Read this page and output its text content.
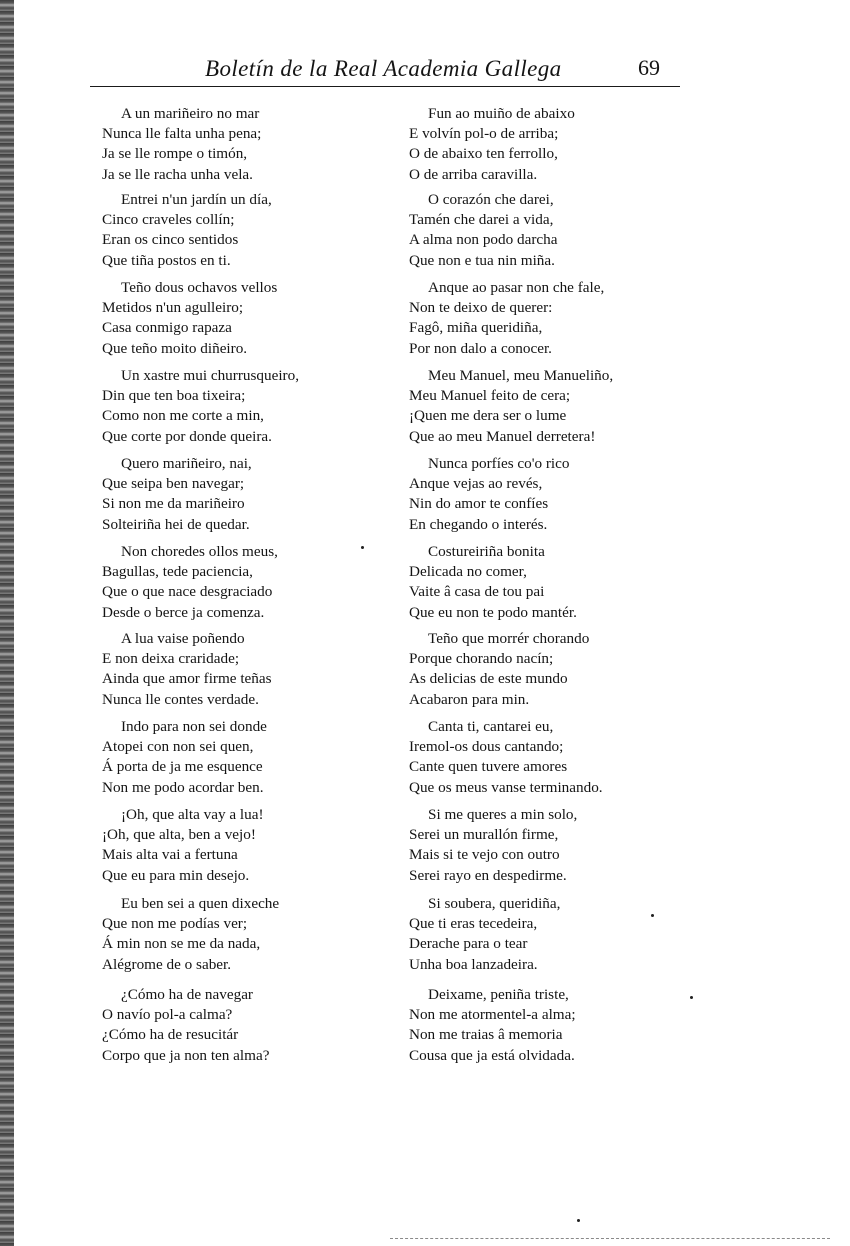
Boletín de la Real Academia Gallega	69
A un mariñeiro no mar
Nunca lle falta unha pena;
Ja se lle rompe o timón,
Ja se lle racha unha vela.
Entrei n'un jardín un día,
Cinco craveles collín;
Eran os cinco sentidos
Que tiña postos en ti.
Teño dous ochavos vellos
Metidos n'un agulleiro;
Casa conmigo rapaza
Que teño moito diñeiro.
Un xastre mui churrusqueiro,
Din que ten boa tixeira;
Como non me corte a min,
Que corte por donde queira.
Quero mariñeiro, nai,
Que seipa ben navegar;
Si non me da mariñeiro
Solteiriña hei de quedar.
Non choredes ollos meus,
Bagullas, tede paciencia,
Que o que nace desgraciado
Desde o berce ja comenza.
A lua vaise poñendo
E non deixa craridade;
Ainda que amor firme teñas
Nunca lle contes verdade.
Indo para non sei donde
Atopei con non sei quen,
Á porta de ja me esquence
Non me podo acordar ben.
¡Oh, que alta vay a lua!
¡Oh, que alta, ben a vejo!
Mais alta vai a fertuna
Que eu para min desejo.
Eu ben sei a quen dixeche
Que non me podías ver;
Á min non se me da nada,
Alégrome de o saber.
¿Cómo ha de navegar
O navío pol-a calma?
¿Cómo ha de resucitár
Corpo que ja non ten alma?
Fun ao muiño de abaixo
E volvín pol-o de arriba;
O de abaixo ten ferrollo,
O de arriba caravilla.
O corazón che darei,
Tamén che darei a vida,
A alma non podo darcha
Que non e tua nin miña.
Anque ao pasar non che fale,
Non te deixo de querer:
Fagô, miña queridiña,
Por non dalo a conocer.
Meu Manuel, meu Manueliño,
Meu Manuel feito de cera;
¡Quen me dera ser o lume
Que ao meu Manuel derretera!
Nunca porfíes co'o rico
Anque vejas ao revés,
Nin do amor te confíes
En chegando o interés.
Costureiriña bonita
Delicada no comer,
Vaite â casa de tou pai
Que eu non te podo mantér.
Teño que morrér chorando
Porque chorando nacín;
As delicias de este mundo
Acabaron para min.
Canta ti, cantarei eu,
Iremol-os dous cantando;
Cante quen tuvere amores
Que os meus vanse terminando.
Si me queres a min solo,
Serei un murallón firme,
Mais si te vejo con outro
Serei rayo en despedirme.
Si soubera, queridiña,
Que ti eras tecedeira,
Derache para o tear
Unha boa lanzadeira.
Deixame, peniña triste,
Non me atormentel-a alma;
Non me traias â memoria
Cousa que ja está olvidada.
